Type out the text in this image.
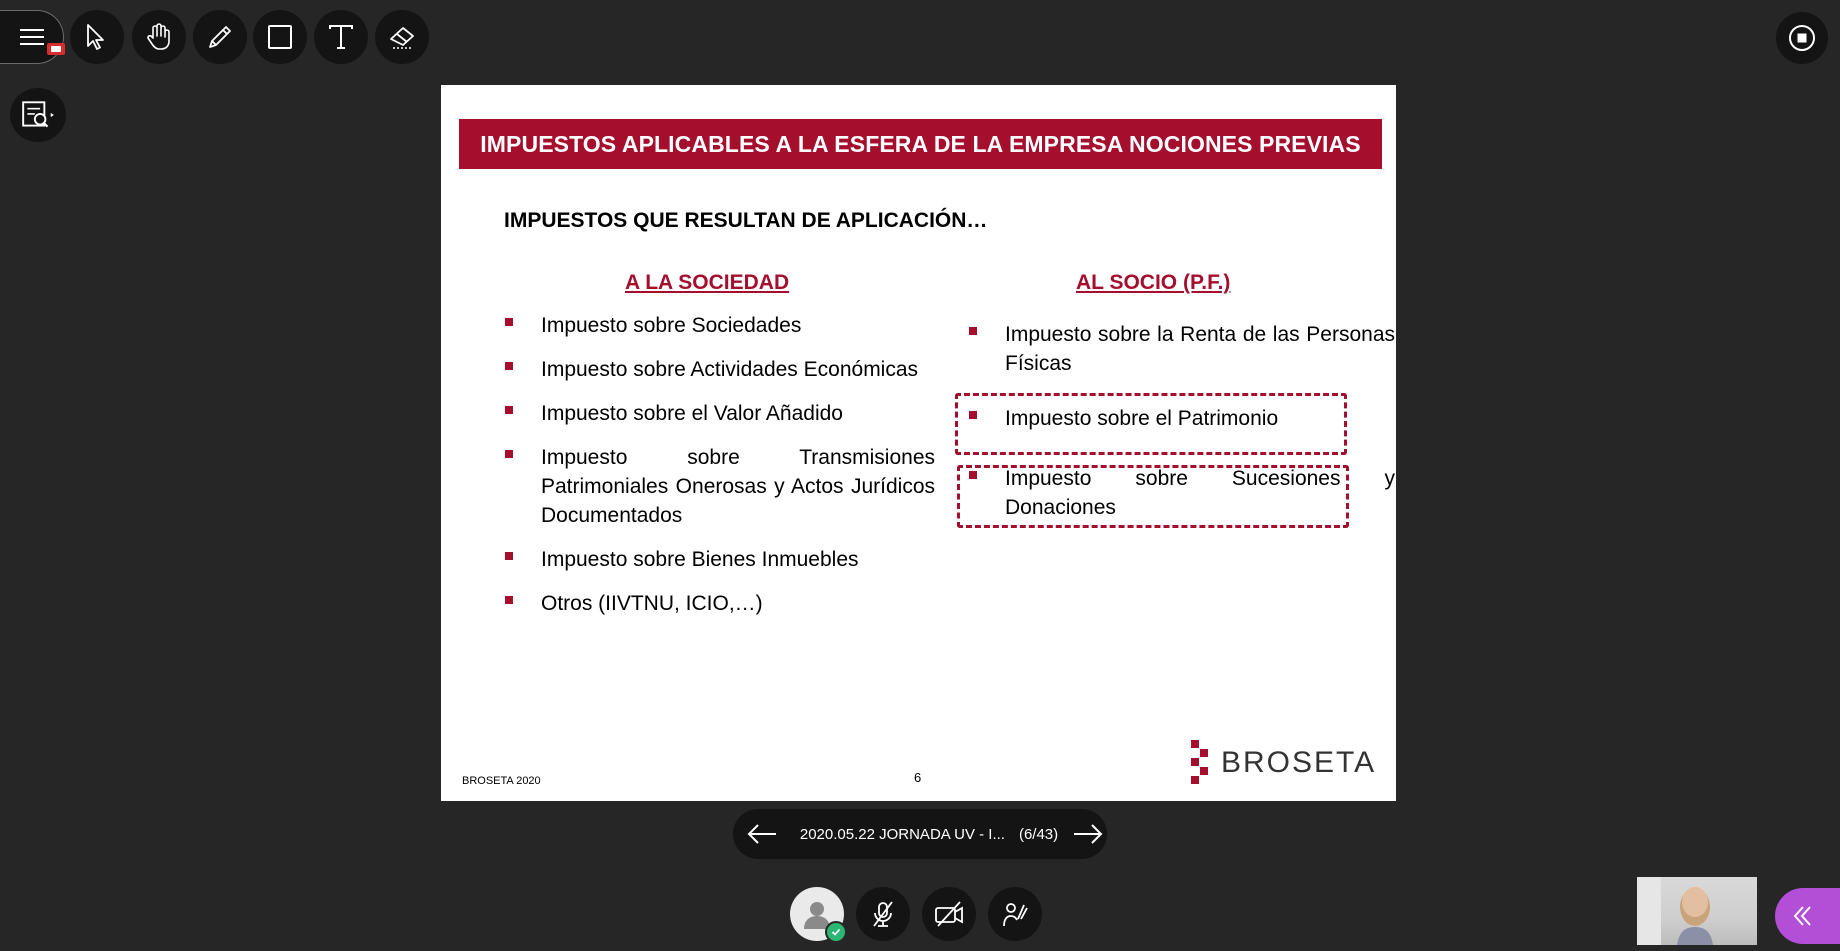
IMPUESTOS APLICABLES A LA ESFERA DE LA EMPRESA NOCIONES PREVIAS
IMPUESTOS QUE RESULTAN DE APLICACIÓN…
A LA SOCIEDAD	AL SOCIO (P.F.)
Impuesto sobre Sociedades
Impuesto sobre Actividades Económicas
Impuesto sobre el Valor Añadido
Impuesto sobre Transmisiones Patrimoniales Onerosas y Actos Jurídicos Documentados
Impuesto sobre Bienes Inmuebles
Otros (IIVTNU, ICIO,…)
Impuesto sobre la Renta de las Personas Físicas
Impuesto sobre el Patrimonio
Impuesto sobre Sucesiones y Donaciones
BROSETA 2020	6	BROSETA
2020.05.22 JORNADA UV - I... (6/43)
